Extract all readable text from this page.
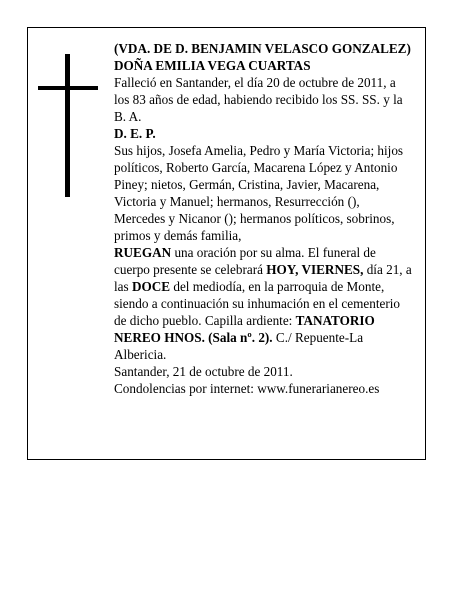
(VDA. DE D. BENJAMIN VELASCO GONZALEZ)

DOÑA EMILIA VEGA CUARTAS

Falleció en Santander, el día 20 de octubre de 2011, a los 83 años de edad, habiendo recibido los SS. SS. y la B. A.

D. E. P.

Sus hijos, Josefa Amelia, Pedro y María Victoria; hijos políticos, Roberto García, Macarena López y Antonio Piney; nietos, Germán, Cristina, Javier, Macarena, Victoria y Manuel; hermanos, Resurrección (), Mercedes y Nicanor (); hermanos políticos, sobrinos, primos y demás familia,

RUEGAN una oración por su alma. El funeral de cuerpo presente se celebrará HOY, VIERNES, día 21, a las DOCE del mediodía, en la parroquia de Monte, siendo a continuación su inhumación en el cementerio de dicho pueblo. Capilla ardiente: TANATORIO NEREO HNOS. (Sala nº. 2). C./ Repuente-La Albericia.

Santander, 21 de octubre de 2011.

Condolencias por internet: www.funerarianereo.es
